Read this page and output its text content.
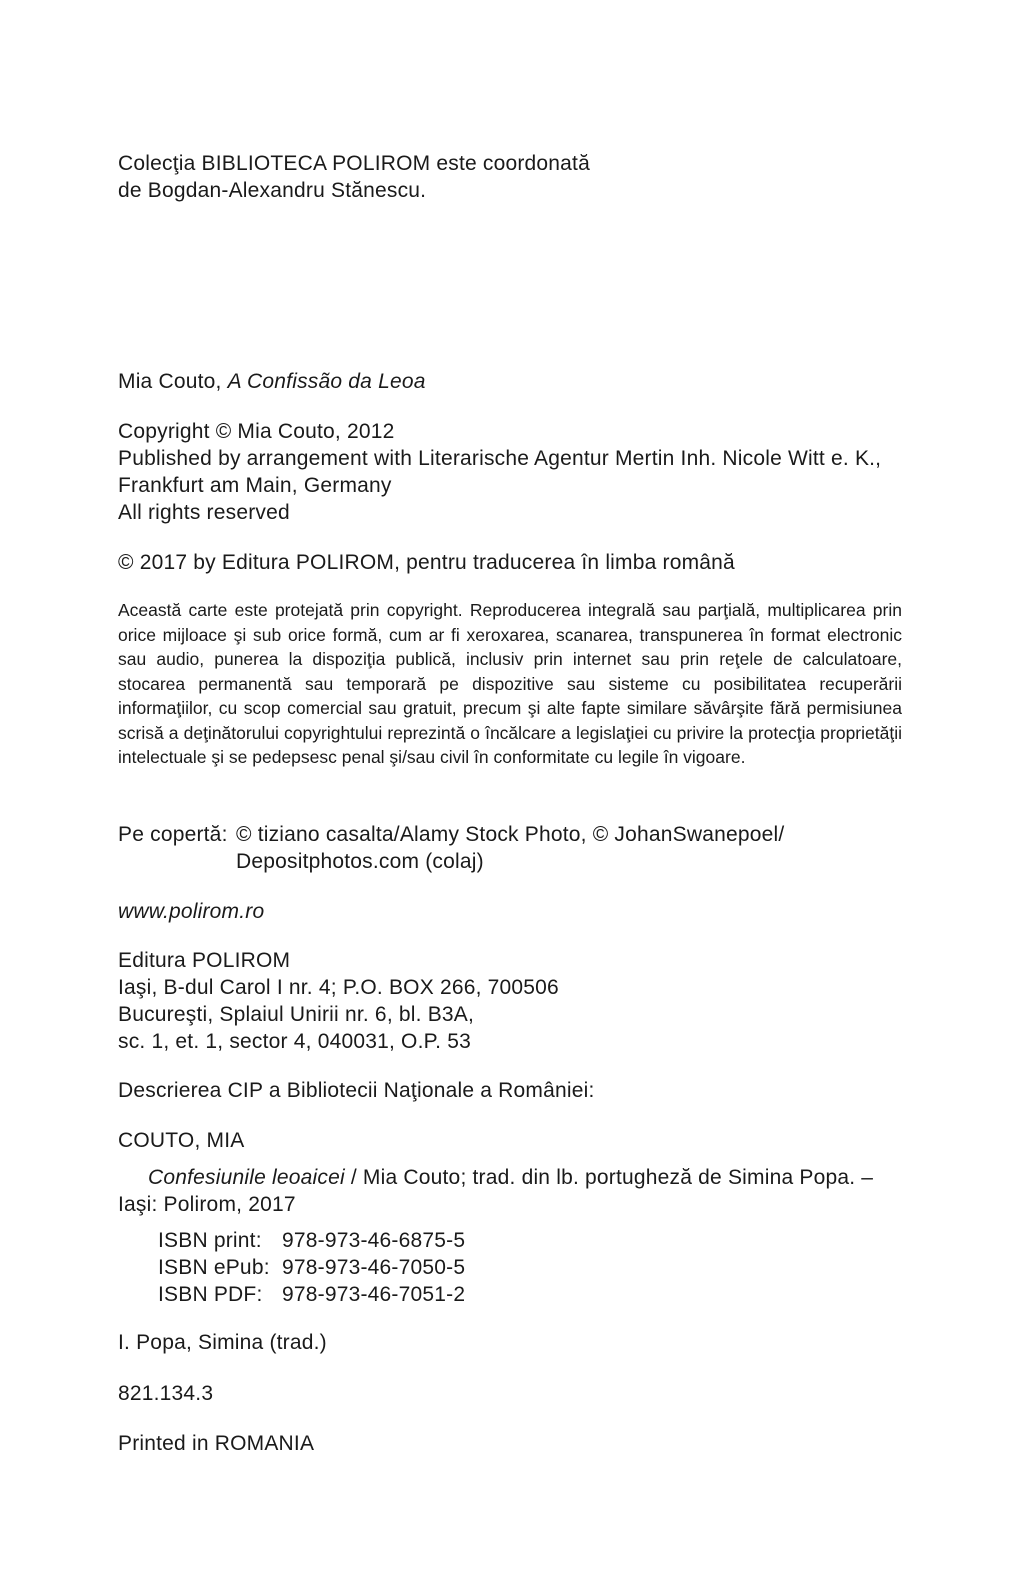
Colecţia BIBLIOTECA POLIROM este coordonată
de Bogdan-Alexandru Stănescu.
Mia Couto, A Confissão da Leoa
Copyright © Mia Couto, 2012
Published by arrangement with Literarische Agentur Mertin Inh. Nicole Witt e. K.,
Frankfurt am Main, Germany
All rights reserved
© 2017 by Editura POLIROM, pentru traducerea în limba română
Această carte este protejată prin copyright. Reproducerea integrală sau parţială, multiplicarea prin orice mijloace şi sub orice formă, cum ar fi xeroxarea, scanarea, transpunerea în format electronic sau audio, punerea la dispoziţia publică, inclusiv prin internet sau prin reţele de calculatoare, stocarea permanentă sau temporară pe dispozitive sau sisteme cu posibilitatea recuperării informaţiilor, cu scop comercial sau gratuit, precum şi alte fapte similare săvârşite fără permisiunea scrisă a deţinătorului copyrightului reprezintă o încălcare a legislaţiei cu privire la protecţia proprietăţii intelectuale şi se pedepsesc penal şi/sau civil în conformitate cu legile în vigoare.
Pe copertă: © tiziano casalta/Alamy Stock Photo, © JohanSwanepoel/
Depositphotos.com (colaj)
www.polirom.ro
Editura POLIROM
Iaşi, B-dul Carol I nr. 4; P.O. BOX 266, 700506
Bucureşti, Splaiul Unirii nr. 6, bl. B3A,
sc. 1, et. 1, sector 4, 040031, O.P. 53
Descrierea CIP a Bibliotecii Naţionale a României:
COUTO, MIA
Confesiunile leoaicei / Mia Couto; trad. din lb. portugheză de Simina Popa. –
Iaşi: Polirom, 2017
ISBN print: 978-973-46-6875-5
ISBN ePub: 978-973-46-7050-5
ISBN PDF: 978-973-46-7051-2
I. Popa, Simina (trad.)
821.134.3
Printed in ROMANIA
